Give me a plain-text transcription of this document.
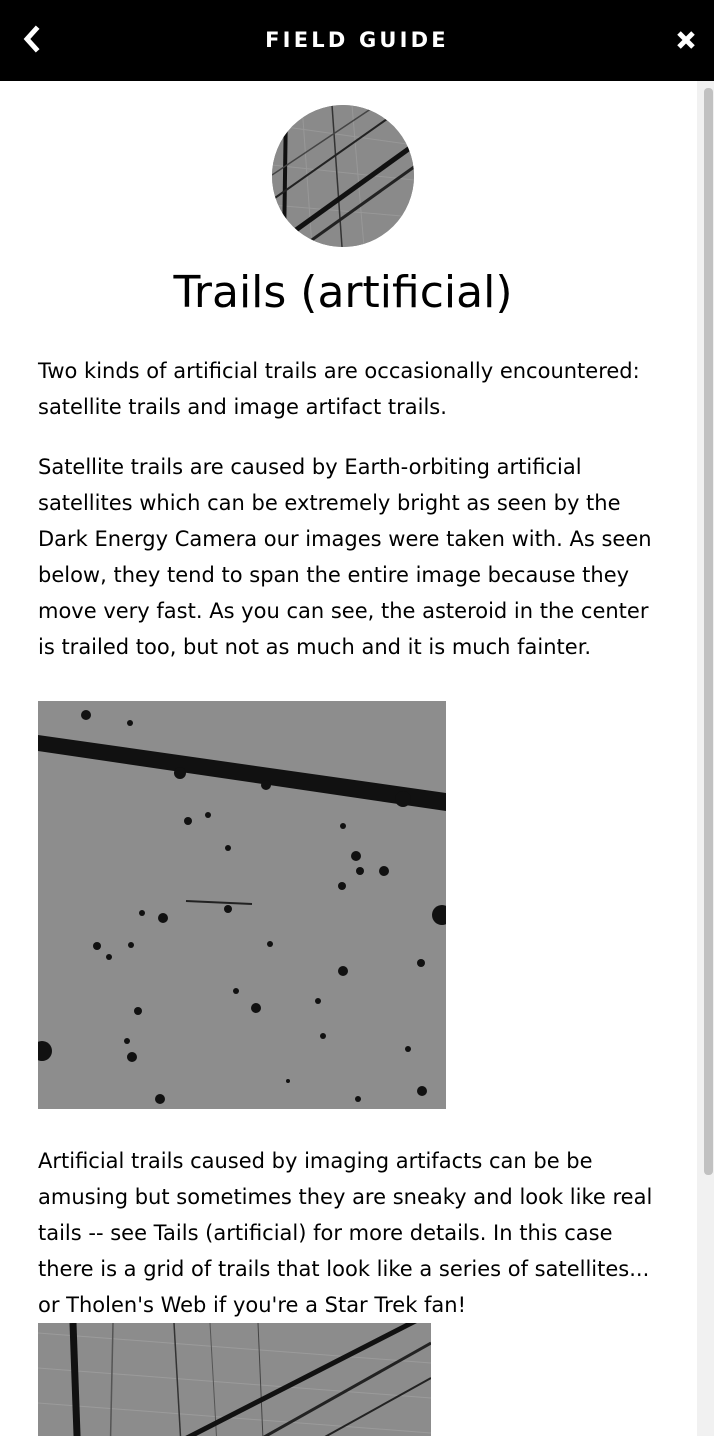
FIELD GUIDE
Trails (artificial)

Two kinds of artificial trails are occasionally encountered: satellite trails and image artifact trails.

Satellite trails are caused by Earth-orbiting artificial satellites which can be extremely bright as seen by the Dark Energy Camera our images were taken with. As seen below, they tend to span the entire image because they move very fast. As you can see, the asteroid in the center is trailed too, but not as much and it is much fainter.

Artificial trails caused by imaging artifacts can be be amusing but sometimes they are sneaky and look like real tails -- see Tails (artificial) for more details. In this case there is a grid of trails that look like a series of satellites... or Tholen's Web if you're a Star Trek fan!
